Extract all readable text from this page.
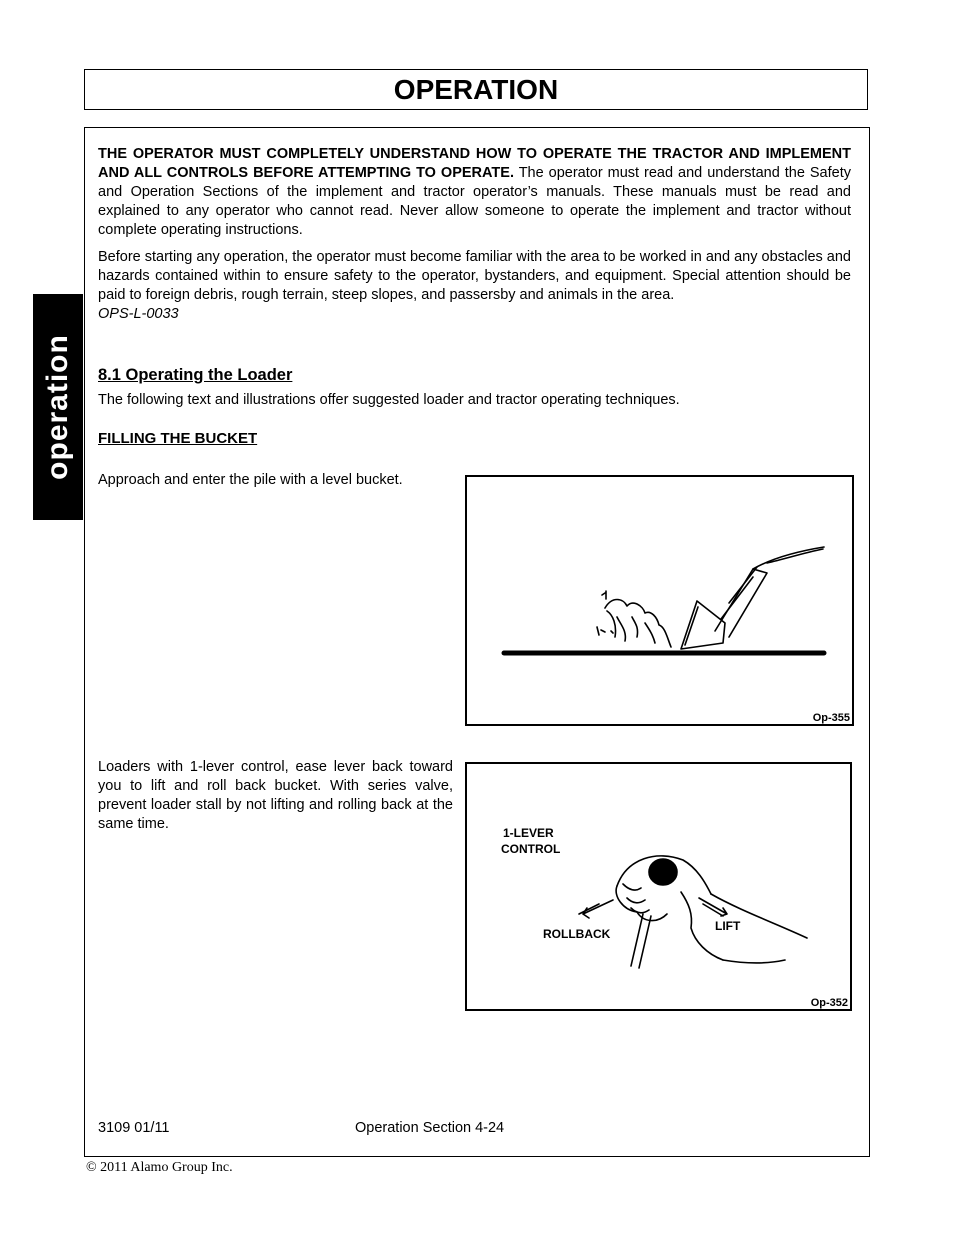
OPERATION
operation
THE OPERATOR MUST COMPLETELY UNDERSTAND HOW TO OPERATE THE TRACTOR AND IMPLEMENT AND ALL CONTROLS BEFORE ATTEMPTING TO OPERATE. The operator must read and understand the Safety and Operation Sections of the implement and tractor operator’s manuals. These manuals must be read and explained to any operator who cannot read. Never allow someone to operate the implement and tractor without complete operating instructions.
Before starting any operation, the operator must become familiar with the area to be worked in and any obstacles and hazards contained within to ensure safety to the operator, bystanders, and equipment. Special attention should be paid to foreign debris, rough terrain, steep slopes, and passersby and animals in the area.
OPS-L-0033
8.1 Operating the Loader
The following text and illustrations offer suggested loader and tractor operating techniques.
FILLING THE BUCKET
Approach and enter the pile with a level bucket.
Op-355
Loaders with 1-lever control, ease lever back toward you to lift and roll back bucket. With series valve, prevent loader stall by not lifting and rolling back at the same time.
1-LEVER
CONTROL
ROLLBACK
LIFT
Op-352
3109 01/11	Operation Section 4-24
© 2011 Alamo Group Inc.
